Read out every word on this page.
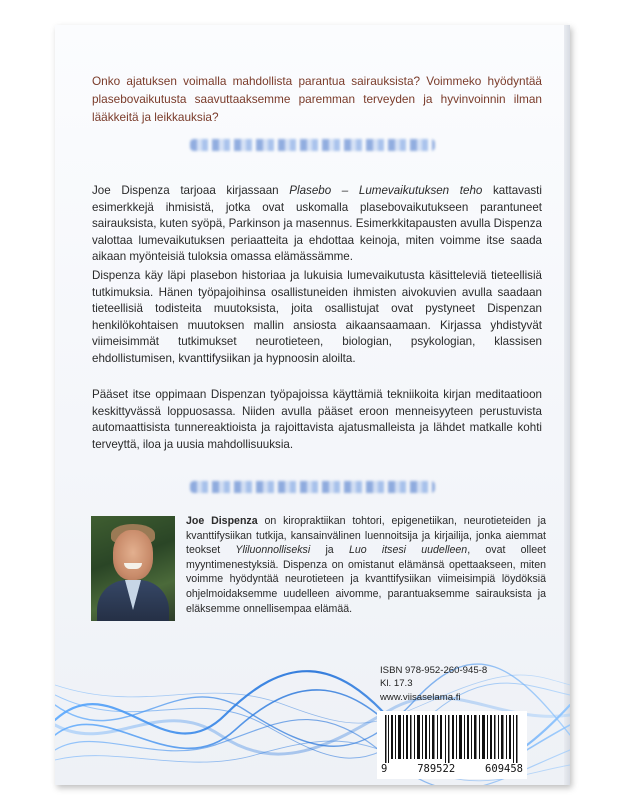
Onko ajatuksen voimalla mahdollista parantua sairauksista? Voimmeko hyödyntää plasebovaikutusta saavuttaaksemme paremman terveyden ja hyvinvoinnin ilman lääkkeitä ja leikkauksia?

Joe Dispenza tarjoaa kirjassaan Plasebo – Lumevaikutuksen teho kattavasti esimerkkejä ihmisistä, jotka ovat uskomalla plasebovaikutukseen parantuneet sairauksista, kuten syöpä, Parkinson ja masennus. Esimerkkitapausten avulla Dispenza valottaa lumevaikutuksen periaatteita ja ehdottaa keinoja, miten voimme itse saada aikaan myönteisiä tuloksia omassa elämässämme.

Dispenza käy läpi plasebon historiaa ja lukuisia lumevaikutusta käsitteleviä tieteellisiä tutkimuksia. Hänen työpajoihinsa osallistuneiden ihmisten aivokuvien avulla saadaan tieteellisiä todisteita muutoksista, joita osallistujat ovat pystyneet Dispenzan henkilökohtaisen muutoksen mallin ansiosta aikaansaamaan. Kirjassa yhdistyvät viimeisimmät tutkimukset neurotieteen, biologian, psykologian, klassisen ehdollistumisen, kvanttifysiikan ja hypnoosin aloilta.

Pääset itse oppimaan Dispenzan työpajoissa käyttämiä tekniikoita kirjan meditaatioon keskittyvässä loppuosassa. Niiden avulla pääset eroon menneisyyteen perustuvista automaattisista tunnereaktioista ja rajoittavista ajatusmalleista ja lähdet matkalle kohti terveyttä, iloa ja uusia mahdollisuuksia.

Joe Dispenza on kiropraktiikan tohtori, epigenetiikan, neurotieteiden ja kvanttifysiikan tutkija, kansainvälinen luennoitsija ja kirjailija, jonka aiemmat teokset Yliluonnolliseksi ja Luo itsesi uudelleen, ovat olleet myyntimenestyksiä. Dispenza on omistanut elämänsä opettaakseen, miten voimme hyödyntää neurotieteen ja kvanttifysiikan viimeisimpiä löydöksiä ohjelmoidaksemme uudelleen aivomme, parantuaksemme sairauksista ja eläksemme onnellisempaa elämää.

ISBN 978-952-260-945-8
Kl. 17.3
www.viisaselama.fi
9	789522	609458
